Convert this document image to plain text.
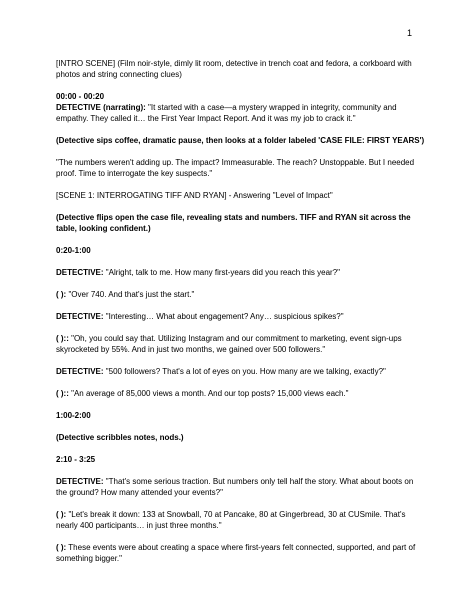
1

[INTRO SCENE] (Film noir-style, dimly lit room, detective in trench coat and fedora, a corkboard with photos and string connecting clues)

00:00 - 00:20

DETECTIVE (narrating): "It started with a case—a mystery wrapped in integrity, community and empathy. They called it… the First Year Impact Report. And it was my job to crack it."

(Detective sips coffee, dramatic pause, then looks at a folder labeled 'CASE FILE: FIRST YEARS')

"The numbers weren't adding up. The impact? Immeasurable. The reach? Unstoppable. But I needed proof. Time to interrogate the key suspects."

[SCENE 1: INTERROGATING TIFF AND RYAN] - Answering "Level of Impact"

(Detective flips open the case file, revealing stats and numbers. TIFF and RYAN sit across the table, looking confident.)

0:20-1:00

DETECTIVE: "Alright, talk to me. How many first-years did you reach this year?"

( ): "Over 740. And that's just the start."

DETECTIVE: "Interesting… What about engagement? Any… suspicious spikes?"

( ):: "Oh, you could say that. Utilizing Instagram and our commitment to marketing, event sign-ups skyrocketed by 55%. And in just two months, we gained over 500 followers."

DETECTIVE: "500 followers? That's a lot of eyes on you. How many are we talking, exactly?"

( ):: "An average of 85,000 views a month. And our top posts? 15,000 views each."

1:00-2:00

(Detective scribbles notes, nods.)

2:10 - 3:25

DETECTIVE: "That's some serious traction. But numbers only tell half the story. What about boots on the ground? How many attended your events?"

( ): "Let's break it down: 133 at Snowball, 70 at Pancake, 80 at Gingerbread, 30 at CUSmile. That's nearly 400 participants… in just three months."

( ): These events were about creating a space where first-years felt connected, supported, and part of something bigger."
